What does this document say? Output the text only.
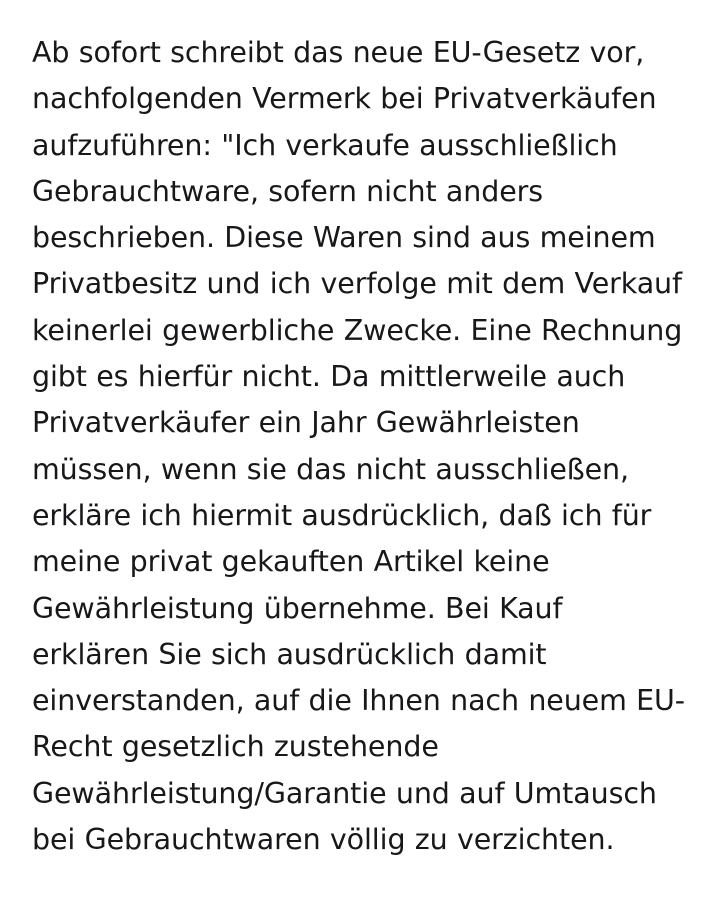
Ab sofort schreibt das neue EU-Gesetz vor, nachfolgenden Vermerk bei Privatverkäufen aufzuführen: "Ich verkaufe ausschließlich Gebrauchtware, sofern nicht anders beschrieben. Diese Waren sind aus meinem Privatbesitz und ich verfolge mit dem Verkauf keinerlei gewerbliche Zwecke. Eine Rechnung gibt es hierfür nicht. Da mittlerweile auch Privatverkäufer ein Jahr Gewährleisten müssen, wenn sie das nicht ausschließen, erkläre ich hiermit ausdrücklich, daß ich für meine privat gekauften Artikel keine Gewährleistung übernehme. Bei Kauf erklären Sie sich ausdrücklich damit einverstanden, auf die Ihnen nach neuem EU-Recht gesetzlich zustehende Gewährleistung/Garantie und auf Umtausch bei Gebrauchtwaren völlig zu verzichten.
